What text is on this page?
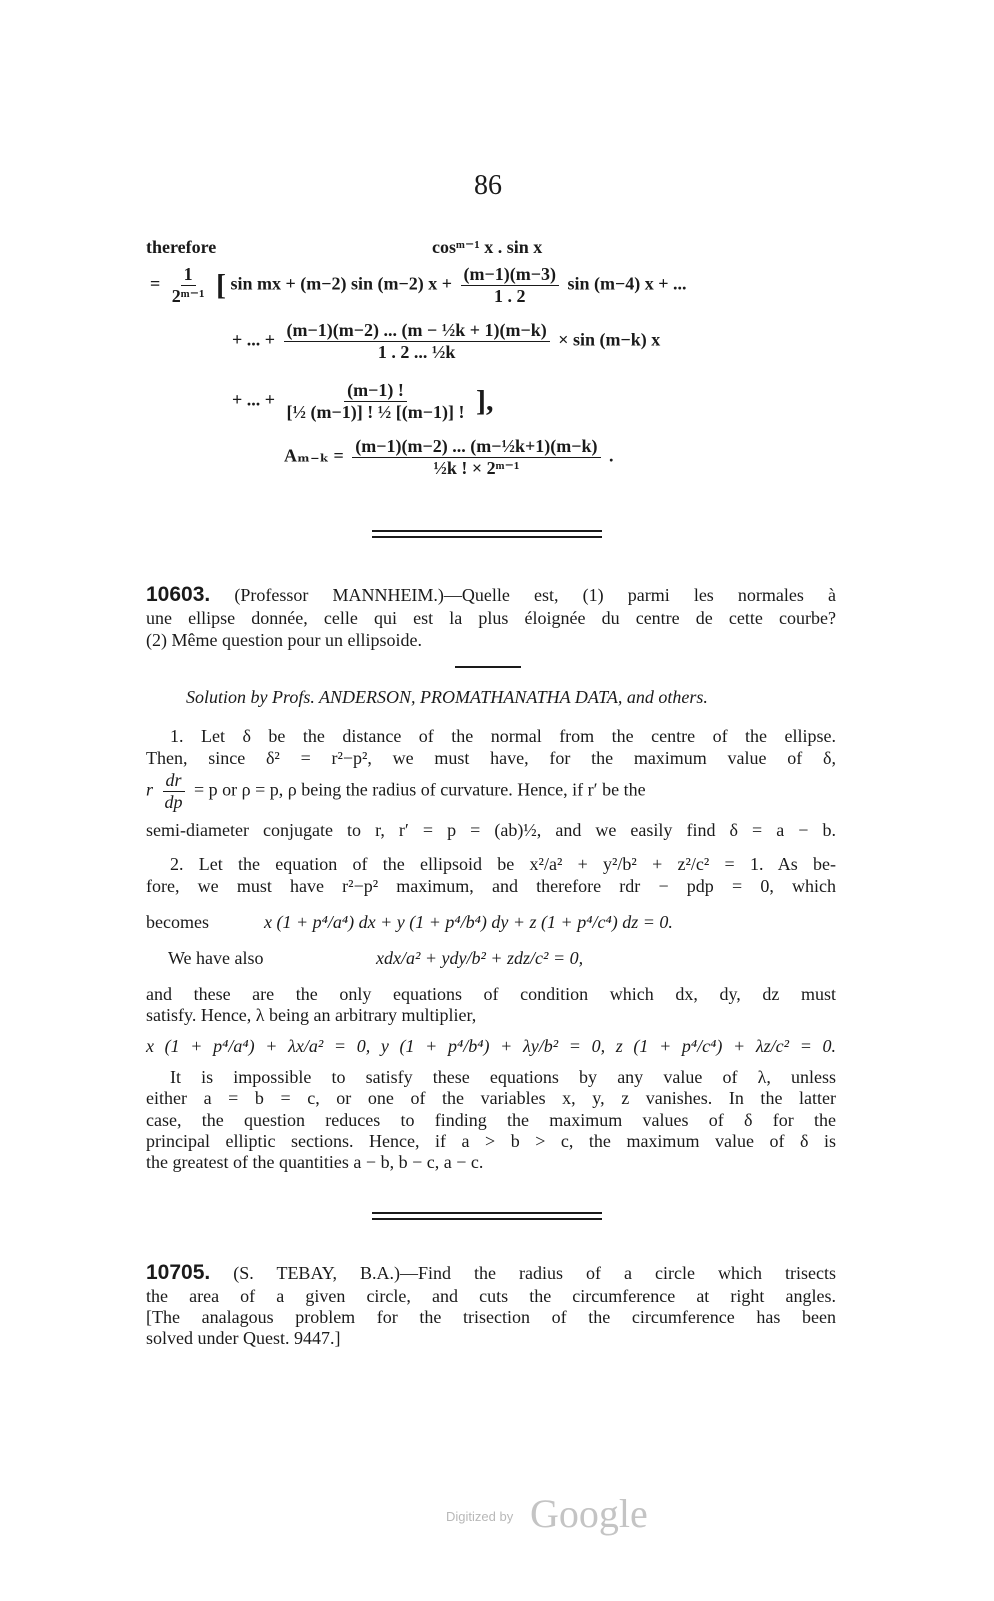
86
therefore	cosᵐ⁻¹ x . sin x
= $\frac{1}{\text{2ᵐ⁻¹}}$ [ sin mx + (m−2) sin (m−2) $x + \frac{(m-1)(m-3)}{1 . 2}$ sin (m−4) x + ...
+ ... + $\frac{\text{(m−1)(m−2) ... (m − ½k + 1)(m−k)}}{\text{1 . 2 ... ½k}} \times \sin (m-k)$ x
+ ... + $\frac{(m-1) !}{\text{[½ (m−1)] ! ½ [(m−1)] !}}$ ],
$A_{m-k} = \frac{\text{(m−1)(m−2) ... (m−½k+1)(m−k)}}{\text{½k ! × 2ᵐ⁻¹}}$ .
10603. (Professor MANNHEIM.)—Quelle est, (1) parmi les normales à
une ellipse donnée, celle qui est la plus éloignée du centre de cette courbe?
(2) Même question pour un ellipsoide.
Solution by Profs. ANDERSON, PROMATHANATHA DATA, and others.
1. Let δ be the distance of the normal from the centre of the ellipse.
Then, since δ² = r²−p², we must have, for the maximum value of δ,
r $\frac{dr}{dp} = p$ or ρ = p, ρ being the radius of curvature. Hence, if r′ be the
semi-diameter conjugate to r, r′ = p = (ab)½, and we easily find δ = a − b.
2. Let the equation of the ellipsoid be x²/a² + y²/b² + z²/c² = 1. As be-
fore, we must have r²−p² maximum, and therefore rdr − pdp = 0, which
becomes	x (1 + p⁴/a⁴) dx + y (1 + p⁴/b⁴) dy + z (1 + p⁴/c⁴) dz = 0.
We have also	xdx/a² + ydy/b² + zdz/c² = 0,
and these are the only equations of condition which dx, dy, dz must
satisfy. Hence, λ being an arbitrary multiplier,
x (1 + p⁴/a⁴) + λx/a² = 0, y (1 + p⁴/b⁴) + λy/b² = 0, z (1 + p⁴/c⁴) + λz/c² = 0.
It is impossible to satisfy these equations by any value of λ, unless
either a = b = c, or one of the variables x, y, z vanishes. In the latter
case, the question reduces to finding the maximum values of δ for the
principal elliptic sections. Hence, if a > b > c, the maximum value of δ is
the greatest of the quantities a − b, b − c, a − c.
10705. (S. TEBAY, B.A.)—Find the radius of a circle which trisects
the area of a given circle, and cuts the circumference at right angles.
[The analagous problem for the trisection of the circumference has been
solved under Quest. 9447.]
Digitized by Google
